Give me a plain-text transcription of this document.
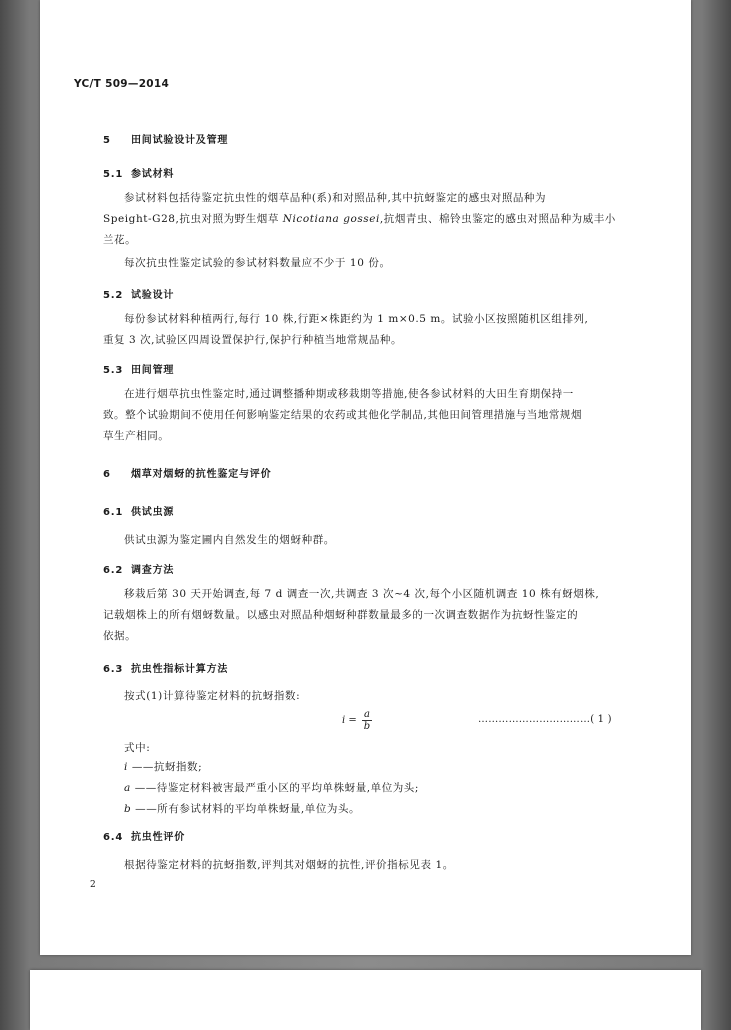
YC/T 509—2014
5 田间试验设计及管理
5.1 参试材料
参试材料包括待鉴定抗虫性的烟草品种(系)和对照品种,其中抗蚜鉴定的感虫对照品种为
Speight-G28,抗虫对照为野生烟草 Nicotiana gossei,抗烟青虫、棉铃虫鉴定的感虫对照品种为威丰小
兰花。
每次抗虫性鉴定试验的参试材料数量应不少于 10 份。
5.2 试验设计
每份参试材料种植两行,每行 10 株,行距×株距约为 1 m×0.5 m。试验小区按照随机区组排列,
重复 3 次,试验区四周设置保护行,保护行种植当地常规品种。
5.3 田间管理
在进行烟草抗虫性鉴定时,通过调整播种期或移栽期等措施,使各参试材料的大田生育期保持一
致。整个试验期间不使用任何影响鉴定结果的农药或其他化学制品,其他田间管理措施与当地常规烟
草生产相同。
6 烟草对烟蚜的抗性鉴定与评价
6.1 供试虫源
供试虫源为鉴定圃内自然发生的烟蚜种群。
6.2 调查方法
移栽后第 30 天开始调查,每 7 d 调查一次,共调查 3 次~4 次,每个小区随机调查 10 株有蚜烟株,
记载烟株上的所有烟蚜数量。以感虫对照品种烟蚜种群数量最多的一次调查数据作为抗蚜性鉴定的
依据。
6.3 抗虫性指标计算方法
按式(1)计算待鉴定材料的抗蚜指数:
$i = \frac{a}{b}$	……………………………( 1 )
式中:
i ——抗蚜指数;
a ——待鉴定材料被害最严重小区的平均单株蚜量,单位为头;
b ——所有参试材料的平均单株蚜量,单位为头。
6.4 抗虫性评价
根据待鉴定材料的抗蚜指数,评判其对烟蚜的抗性,评价指标见表 1。
2
